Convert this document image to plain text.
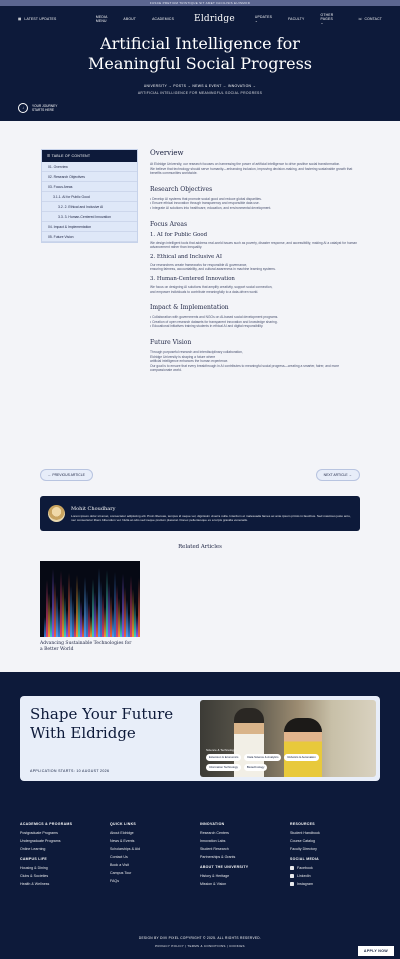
FUSCE PRETIUM TRISTIQUE SIT AMET FACILISIS EUISMOD
▦ LATEST UPDATES	MEDIA MENU	ABOUT	ACADEMICS Eldridge	UPDATES ⌄	FACULTY
OTHER PAGES ⌄
☏ CONTACT
Artificial Intelligence for
Meaningful Social Progress
UNIVERSITY → POSTS → NEWS & EVENT → INNOVATION →
ARTIFICIAL INTELLIGENCE FOR MEANINGFUL SOCIAL PROGRESS
↓	YOUR JOURNEY
STARTS HERE
☰ TABLE OF CONTENT
01. Overview
02. Research Objectives
03. Focus Areas
3.1.1. AI for Public Good
3.2. 2. Ethical and Inclusive AI
3.3. 3. Human-Centered Innovation
04. Impact & Implementation
05. Future Vision
Overview

At Eldridge University, our research focuses on harnessing the power of artificial intelligence to drive positive social transformation.

We believe that technology should serve humanity—enhancing inclusion, improving decision-making, and fostering sustainable growth that benefits communities worldwide.

Research Objectives
• Develop AI systems that promote social good and reduce global disparities.
• Ensure ethical innovation through transparency and responsible data use.
• Integrate AI solutions into healthcare, education, and environmental development.
Focus Areas
1. AI for Public Good

We design intelligent tools that address real-world issues such as poverty, disaster response, and accessibility, making AI a catalyst for human advancement rather than inequality.

2. Ethical and Inclusive AI

Our researchers create frameworks for responsible AI governance,

ensuring fairness, accountability, and cultural awareness in machine learning systems.

3. Human-Centered Innovation

We focus on designing AI solutions that amplify creativity, support social connection,

and empower individuals to contribute meaningfully to a data-driven world.

Impact & Implementation
• Collaboration with governments and NGOs on AI-based social development programs.
• Creation of open research datasets for transparent innovation and knowledge sharing.
• Educational initiatives training students in ethical AI and digital responsibility.
Future Vision

Through purposeful research and interdisciplinary collaboration,

Eldridge University is shaping a future where

artificial intelligence enhances the human experience.

Our goal is to ensure that every breakthrough in AI contributes to meaningful social progress—creating a smarter, fairer, and more compassionate world.

← PREVIOUS ARTICLE	NEXT ARTICLE →
Mohit Choudhary
Lorem ipsum dolor sit amet, consectetur adipiscing elit. Proin liberoas, tempus id neque vel, dignissim viverra nulla. Interdum et malesuada fames ac ante ipsum primis in faucibus. Sed maximus justo arcu, nec consectetur libero bibendum vel. Nulla at odio sed neque pretium placerat. Donec pellentesque ex a turpis gravida venenatis.
Related Articles
Advancing Sustainable Technologies for a Better World
Shape Your Future
With Eldridge
APPLICATION STARTS: 10 AUGUST 2026
Science & Technology
Extension & Economics	Data Science & Analytics	Robotics & Automation
Information Technology	Biotechnology
ACADEMICS & PROGRAMS
Postgraduate Programs
Undergraduate Programs
Online Learning
CAMPUS LIFE
Housing & Dining
Clubs & Societies
Health & Wellness
QUICK LINKS
About Eldridge
News & Events
Scholarships & Aid
Contact Us
Book a Visit
Campus Tour
FAQs
INNOVATION
Research Centers
Innovation Labs
Student Research
Partnerships & Grants
ABOUT THE UNIVERSITY
History & Heritage
Mission & Vision
RESOURCES
Student Handbook
Course Catalog
Faculty Directory
SOCIAL MEDIA
Facebook
LinkedIn
Instagram
DESIGN BY DIVI PIXEL COPYRIGHT © 2025. ALL RIGHTS RESERVED.
PRIVACY POLICY | TERMS & CONDITIONS | COOKIES
APPLY NOW
